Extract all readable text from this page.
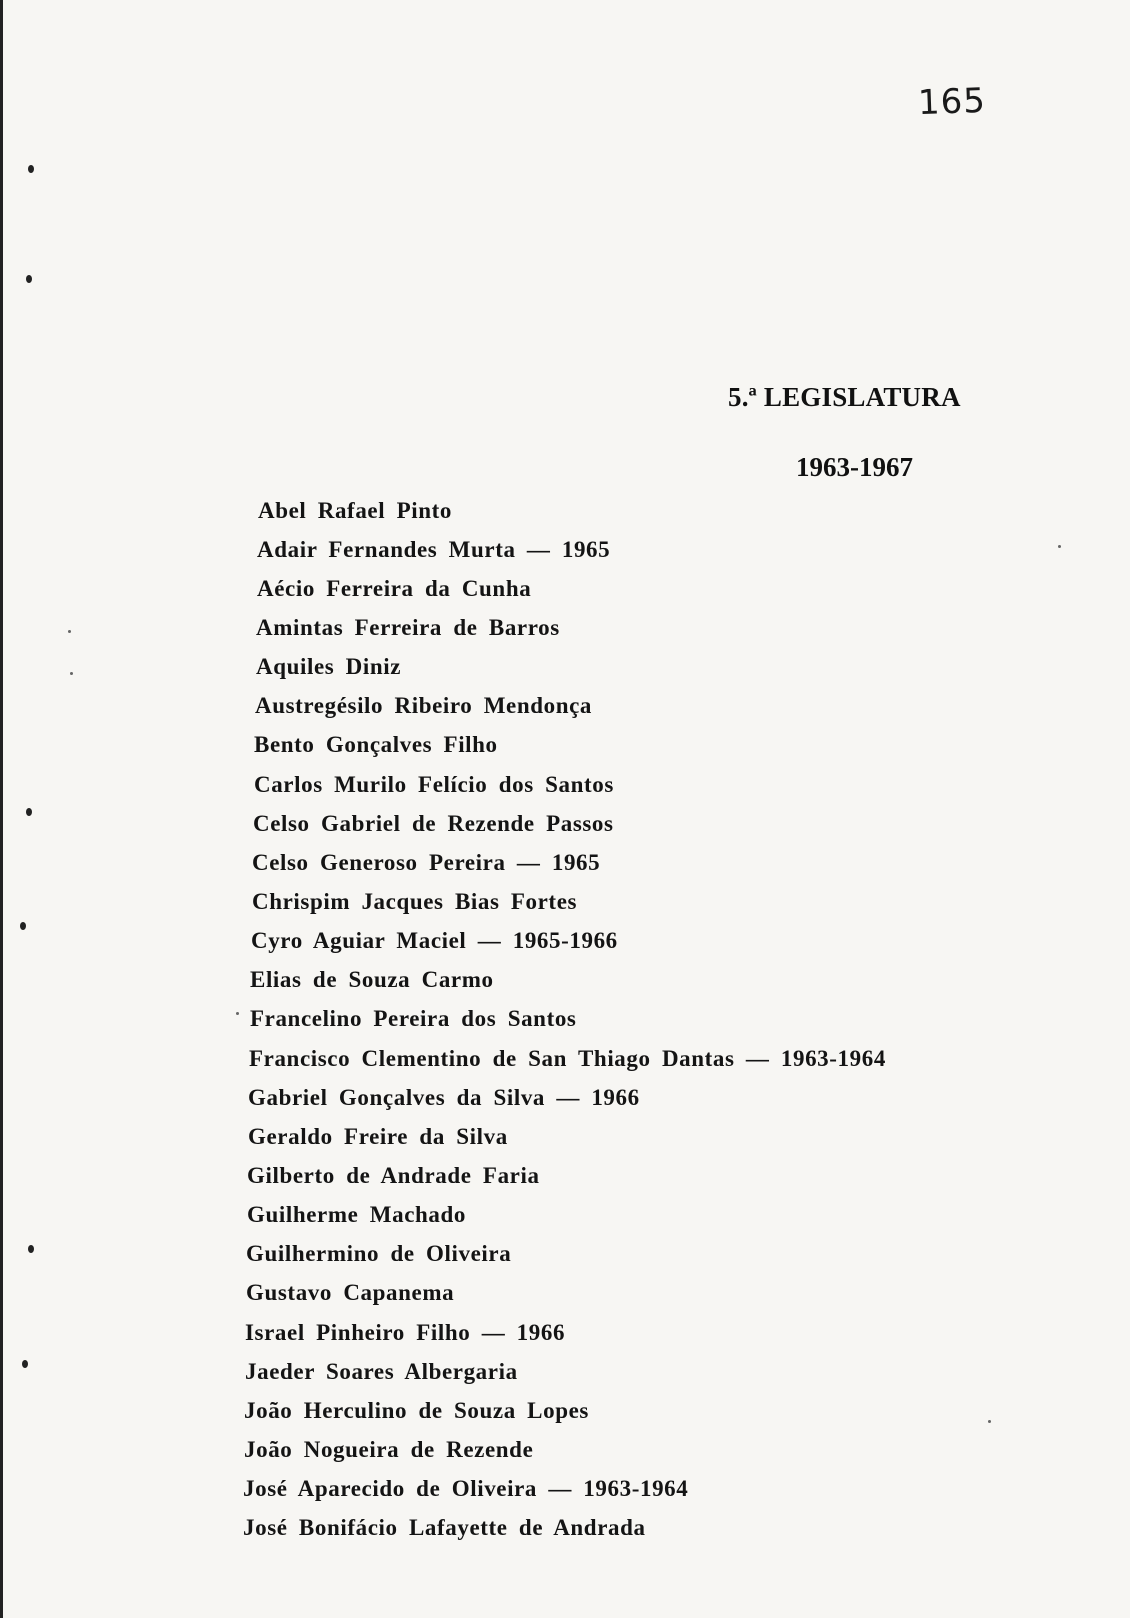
165
5.ª LEGISLATURA
1963-1967
Abel Rafael Pinto
Adair Fernandes Murta — 1965
Aécio Ferreira da Cunha
Amintas Ferreira de Barros
Aquiles Diniz
Austregésilo Ribeiro Mendonça
Bento Gonçalves Filho
Carlos Murilo Felício dos Santos
Celso Gabriel de Rezende Passos
Celso Generoso Pereira — 1965
Chrispim Jacques Bias Fortes
Cyro Aguiar Maciel — 1965-1966
Elias de Souza Carmo
Francelino Pereira dos Santos
Francisco Clementino de San Thiago Dantas — 1963-1964
Gabriel Gonçalves da Silva — 1966
Geraldo Freire da Silva
Gilberto de Andrade Faria
Guilherme Machado
Guilhermino de Oliveira
Gustavo Capanema
Israel Pinheiro Filho — 1966
Jaeder Soares Albergaria
João Herculino de Souza Lopes
João Nogueira de Rezende
José Aparecido de Oliveira — 1963-1964
José Bonifácio Lafayette de Andrada
